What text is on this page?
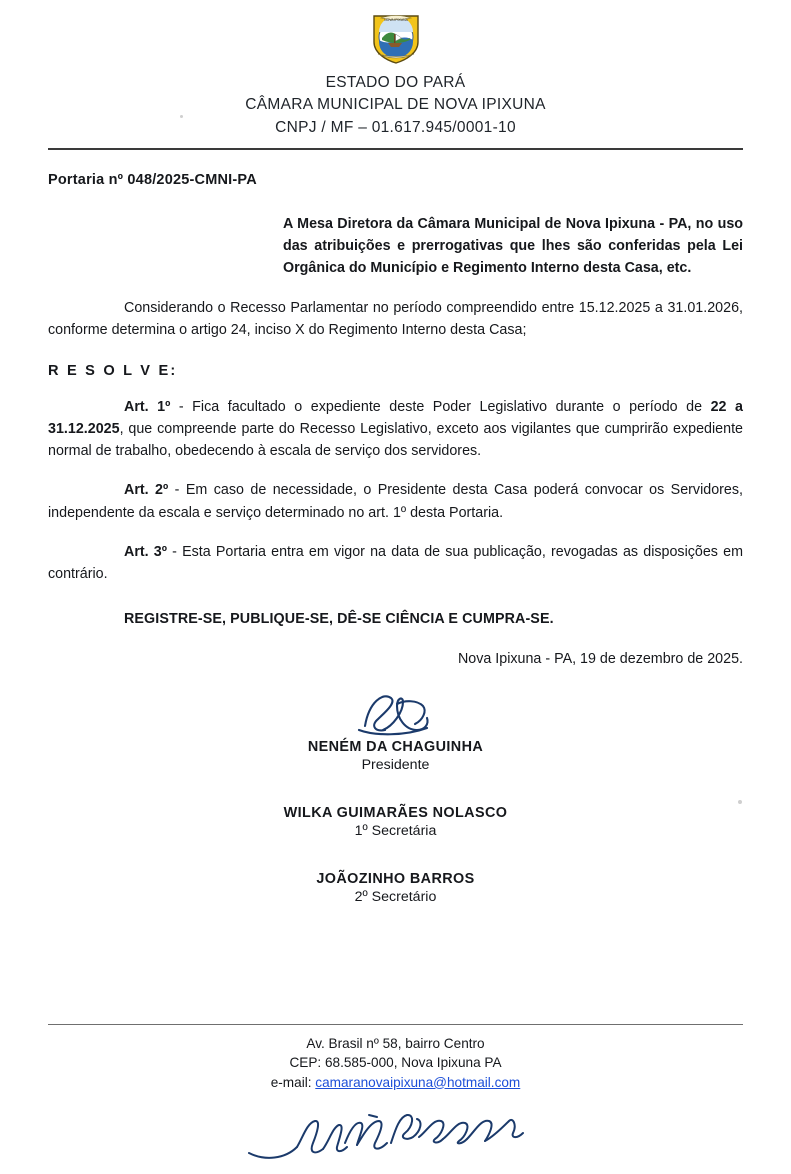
NOVA IPIXUNA
ESTADO DO PARÁ
CÂMARA MUNICIPAL DE NOVA IPIXUNA
CNPJ / MF – 01.617.945/0001-10
Portaria nº 048/2025-CMNI-PA
A Mesa Diretora da Câmara Municipal de Nova Ipixuna - PA, no uso das atribuições e prerrogativas que lhes são conferidas pela Lei Orgânica do Município e Regimento Interno desta Casa, etc.

Considerando o Recesso Parlamentar no período compreendido entre 15.12.2025 a 31.01.2026, conforme determina o artigo 24, inciso X do Regimento Interno desta Casa;

R E S O L V E:

Art. 1º - Fica facultado o expediente deste Poder Legislativo durante o período de 22 a 31.12.2025, que compreende parte do Recesso Legislativo, exceto aos vigilantes que cumprirão expediente normal de trabalho, obedecendo à escala de serviço dos servidores.

Art. 2º - Em caso de necessidade, o Presidente desta Casa poderá convocar os Servidores, independente da escala e serviço determinado no art. 1º desta Portaria.

Art. 3º - Esta Portaria entra em vigor na data de sua publicação, revogadas as disposições em contrário.

REGISTRE-SE, PUBLIQUE-SE, DÊ-SE CIÊNCIA E CUMPRA-SE.
Nova Ipixuna - PA, 19 de dezembro de 2025.
NENÉM DA CHAGUINHA
Presidente
WILKA GUIMARÃES NOLASCO
1º Secretária
JOÃOZINHO BARROS
2º Secretário
Av. Brasil nº 58, bairro Centro
CEP: 68.585-000, Nova Ipixuna PA
e-mail: camaranovaipixuna@hotmail.com
